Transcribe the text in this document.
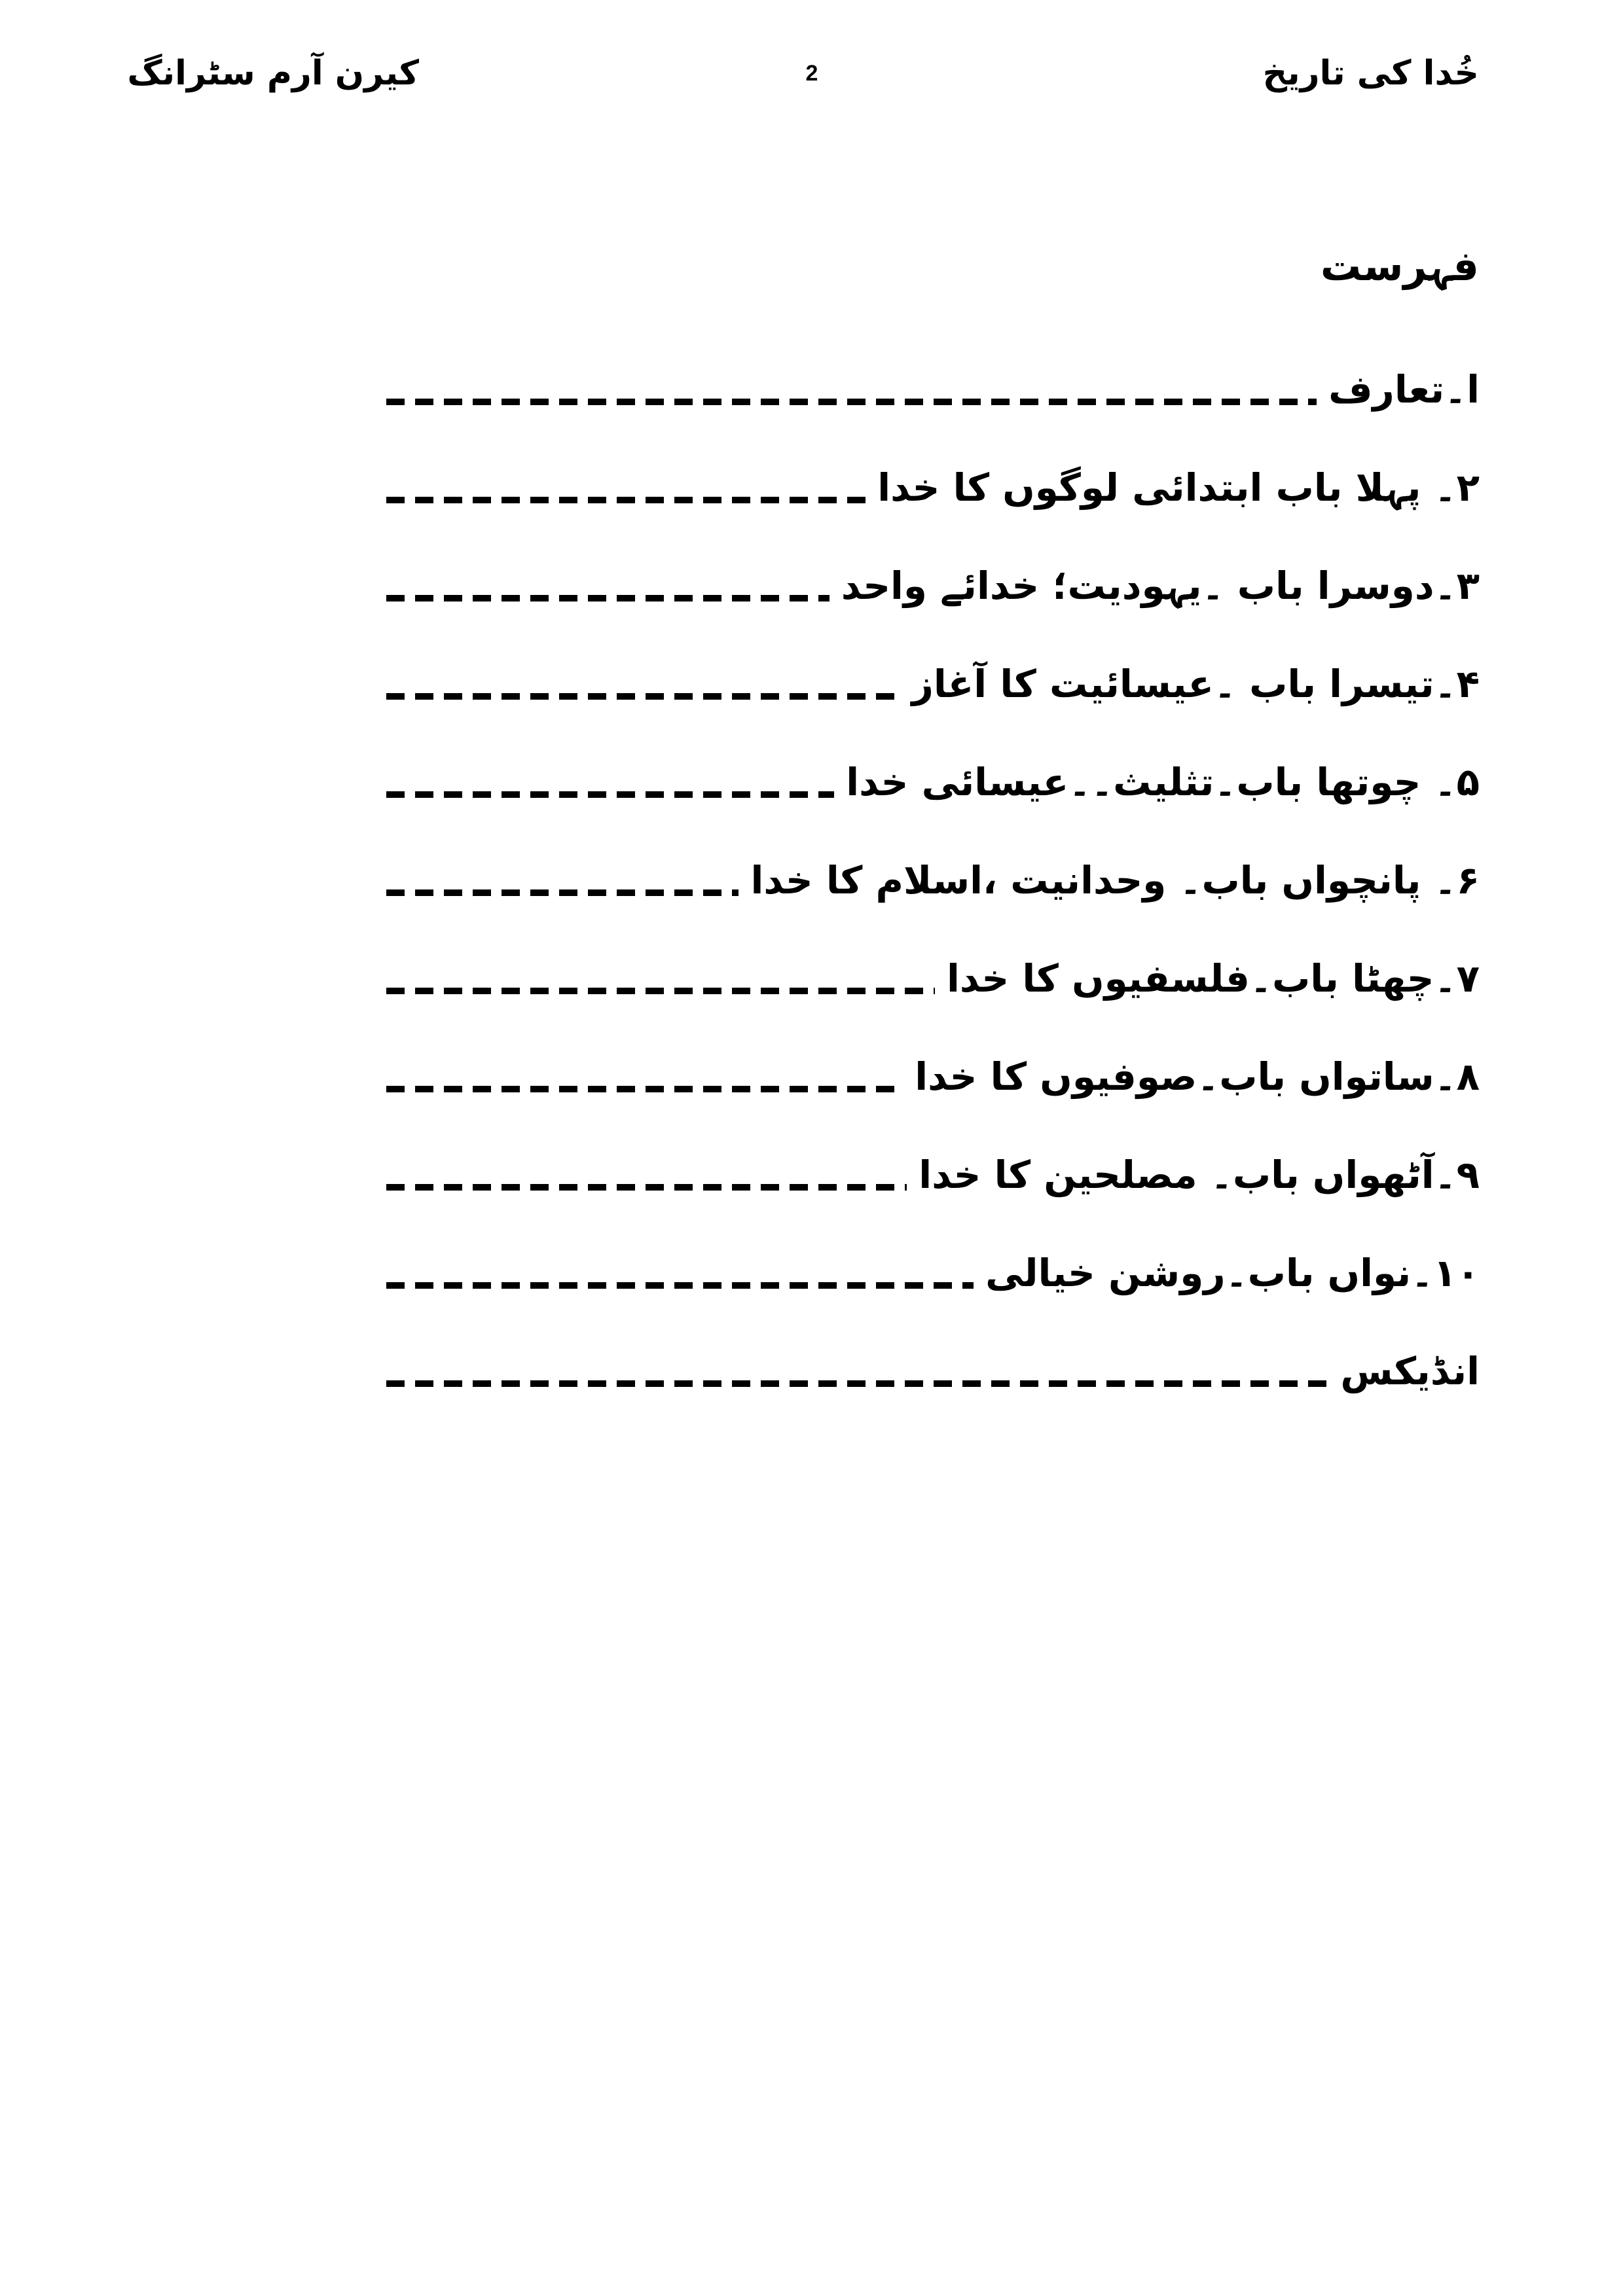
کیرن آرم سٹرانگ	2	خُدا کی تاریخ
فہرست
ا۔تعارف
۲۔ پہلا باب ابتدائی لوگوں کا خدا
۳۔دوسرا باب ۔یہودیت؛ خدائے واحد
۴۔تیسرا باب ۔عیسائیت کا آغاز
۵۔ چوتھا باب۔تثلیث۔۔عیسائی خدا
۶۔ پانچواں باب۔ وحدانیت ،اسلام کا خدا
۷۔چھٹا باب۔فلسفیوں کا خدا
۸۔ساتواں باب۔صوفیوں کا خدا
۹۔آٹھواں باب۔ مصلحین کا خدا
۱۰۔نواں باب۔روشن خیالی
انڈیکس
